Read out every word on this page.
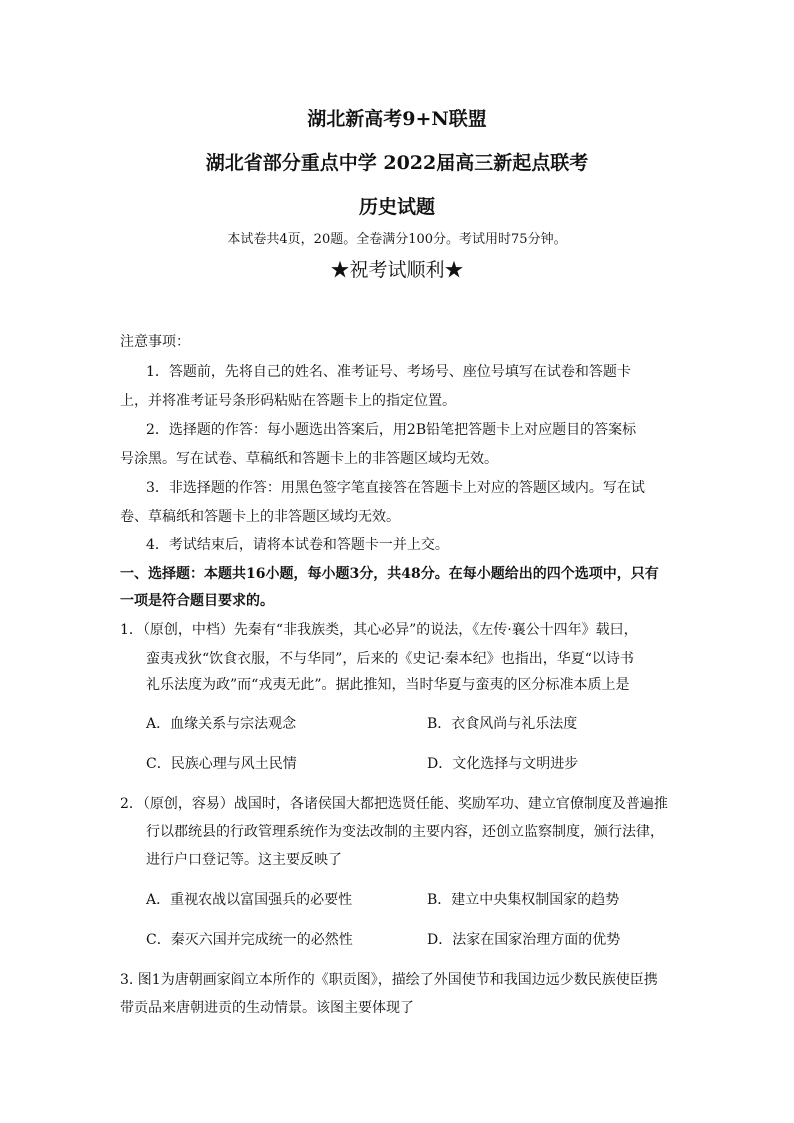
湖北新高考9+N联盟
湖北省部分重点中学 2022届高三新起点联考
历史试题
本试卷共4页，20题。全卷满分100分。考试用时75分钟。
★祝考试顺利★
注意事项：
1．答题前，先将自己的姓名、准考证号、考场号、座位号填写在试卷和答题卡
上，并将准考证号条形码粘贴在答题卡上的指定位置。
2．选择题的作答：每小题选出答案后，用2B铅笔把答题卡上对应题目的答案标
号涂黑。写在试卷、草稿纸和答题卡上的非答题区域均无效。
3．非选择题的作答：用黑色签字笔直接答在答题卡上对应的答题区域内。写在试
卷、草稿纸和答题卡上的非答题区域均无效。
4．考试结束后，请将本试卷和答题卡一并上交。
一、选择题：本题共16小题，每小题3分，共48分。在每小题给出的四个选项中，只有
一项是符合题目要求的。
1．（原创，中档）先秦有“非我族类，其心必异”的说法，《左传·襄公十四年》载曰，
蛮夷戎狄“饮食衣服，不与华同”，后来的《史记·秦本纪》也指出，华夏“以诗书
礼乐法度为政”而“戎夷无此”。据此推知，当时华夏与蛮夷的区分标准本质上是
A．血缘关系与宗法观念	B．衣食风尚与礼乐法度
C．民族心理与风土民情	D．文化选择与文明进步
2．（原创，容易）战国时，各诸侯国大都把选贤任能、奖励军功、建立官僚制度及普遍推
行以郡统县的行政管理系统作为变法改制的主要内容，还创立监察制度，颁行法律，
进行户口登记等。这主要反映了
A．重视农战以富国强兵的必要性	B．建立中央集权制国家的趋势
C．秦灭六国并完成统一的必然性	D．法家在国家治理方面的优势
3. 图1为唐朝画家阎立本所作的《职贡图》，描绘了外国使节和我国边远少数民族使臣携
带贡品来唐朝进贡的生动情景。该图主要体现了
